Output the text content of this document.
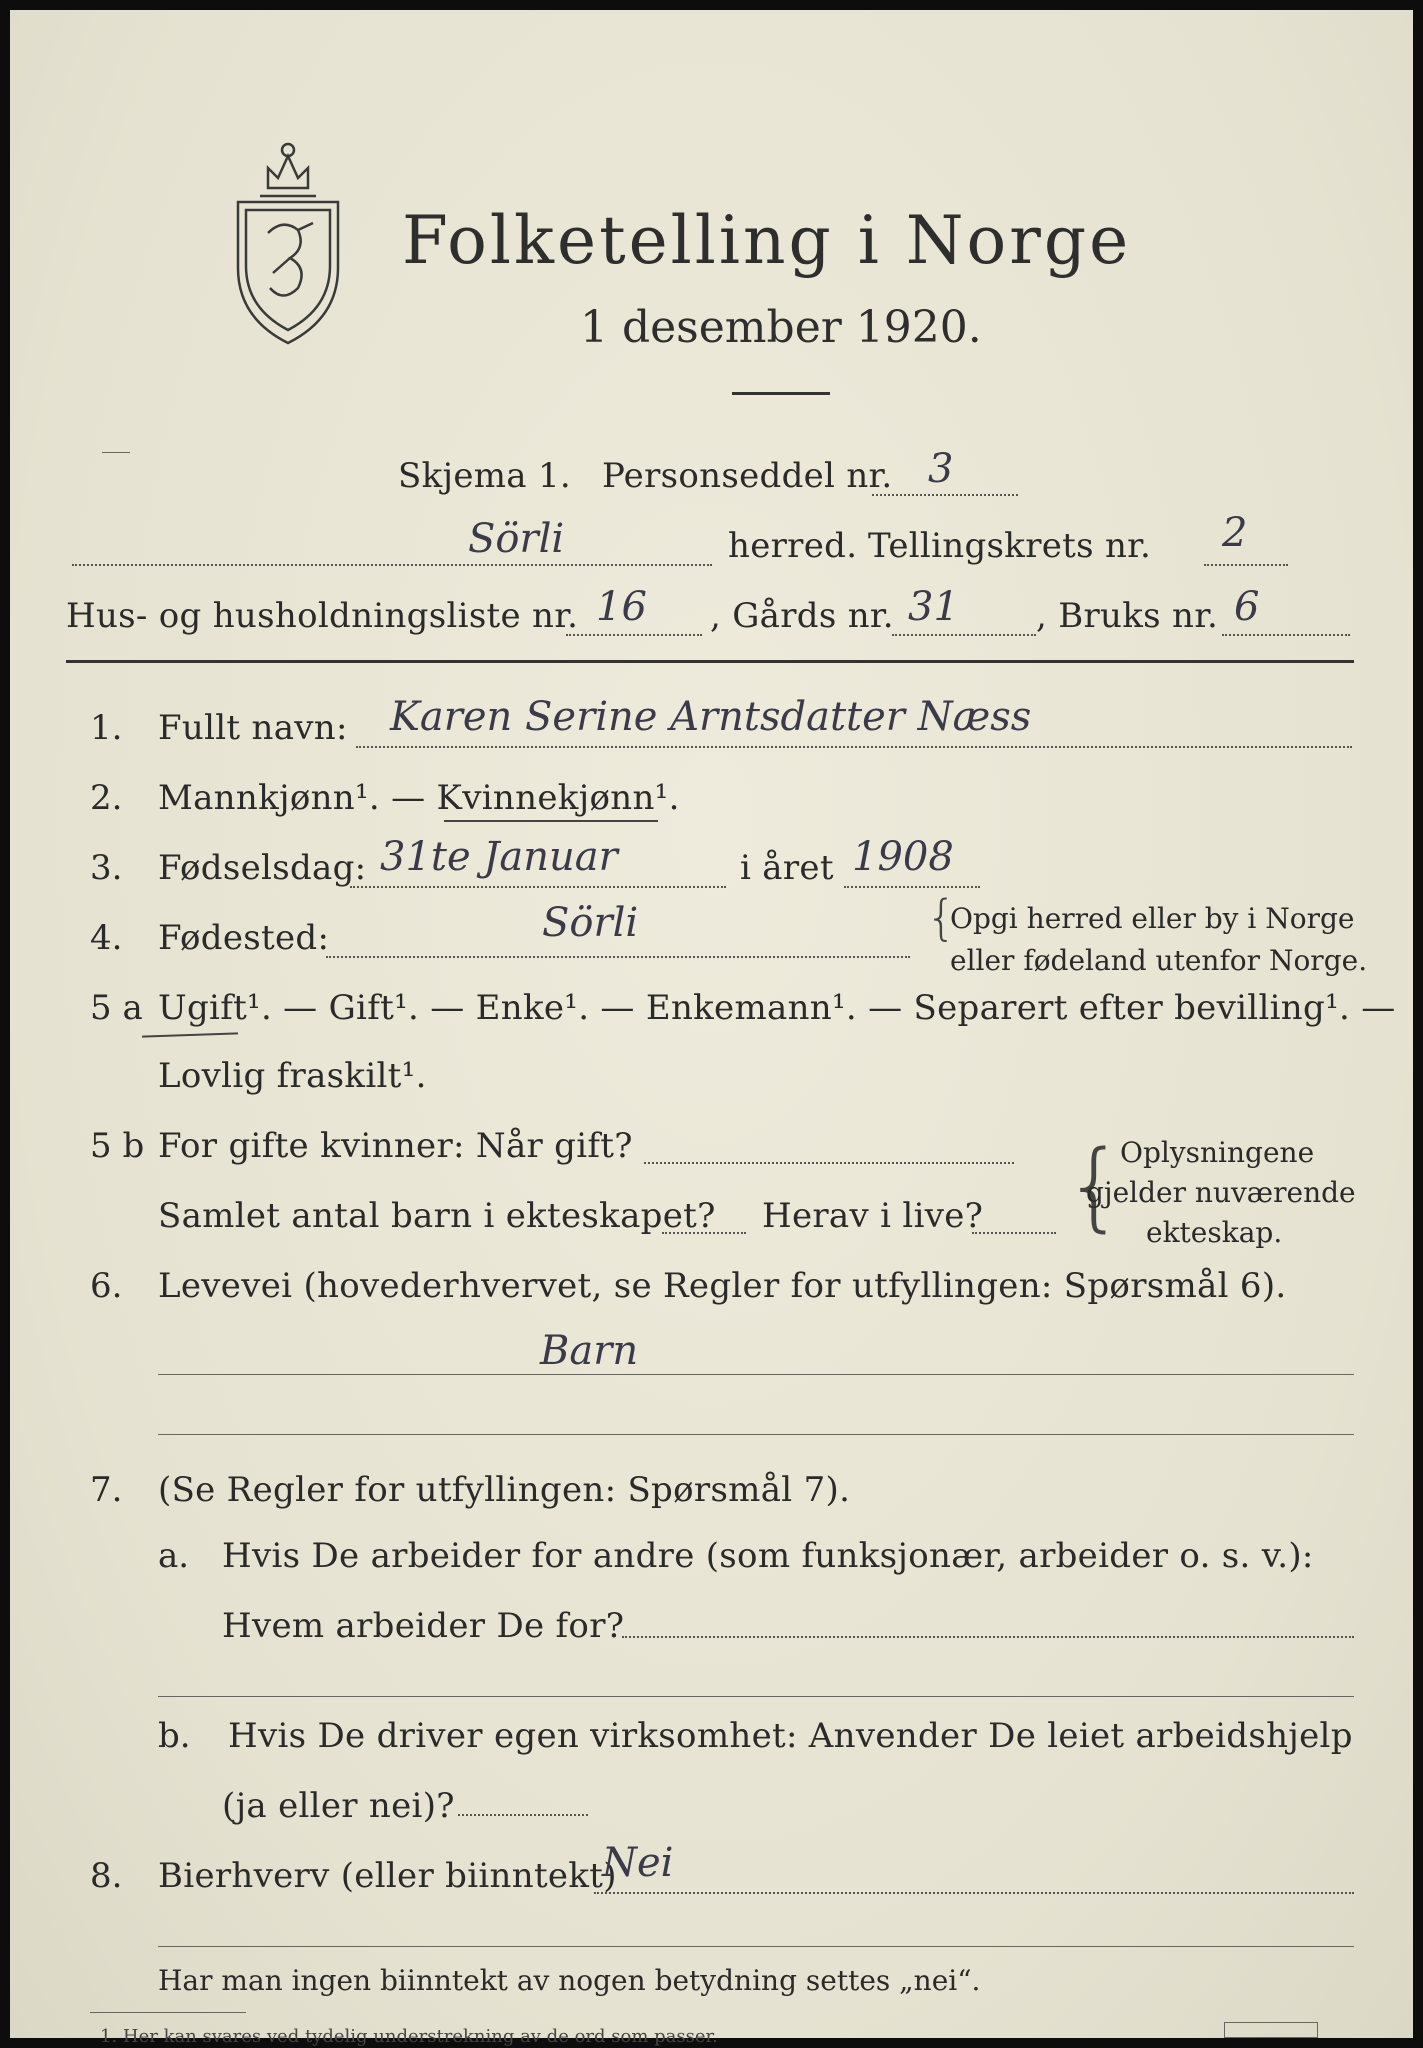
Folketelling i Norge
1 desember 1920.
Skjema 1. Personseddel nr. 3
Sörli	herred. Tellingskrets nr. 2
Hus- og husholdningsliste nr. 16 , Gårds nr. 31 , Bruks nr. 6
1. Fullt navn: Karen Serine Arntsdatter Næss
2. Mannkjønn¹. — Kvinnekjønn¹.
3. Fødselsdag: 31te Januar	i året 1908
4. Fødested:	Sörli	{
Opgi herred eller by i Norge
eller fødeland utenfor Norge.
5 a Ugift¹. — Gift¹. — Enke¹. — Enkemann¹. — Separert efter bevilling¹. —
Lovlig fraskilt¹.
5 b For gifte kvinner: Når gift?
Samlet antal barn i ekteskapet? Herav i live? {
Oplysningene
gjelder nuværende
ekteskap.
6. Levevei (hovederhvervet, se Regler for utfyllingen: Spørsmål 6).
Barn
7. (Se Regler for utfyllingen: Spørsmål 7).
a. Hvis De arbeider for andre (som funksjonær, arbeider o. s. v.):
Hvem arbeider De for?
b. Hvis De driver egen virksomhet: Anvender De leiet arbeidshjelp
(ja eller nei)?
8. Bierhverv (eller biinntekt)
Nei
Har man ingen biinntekt av nogen betydning settes „nei“.
1. Her kan svares ved tydelig understrekning av de ord som passer.
